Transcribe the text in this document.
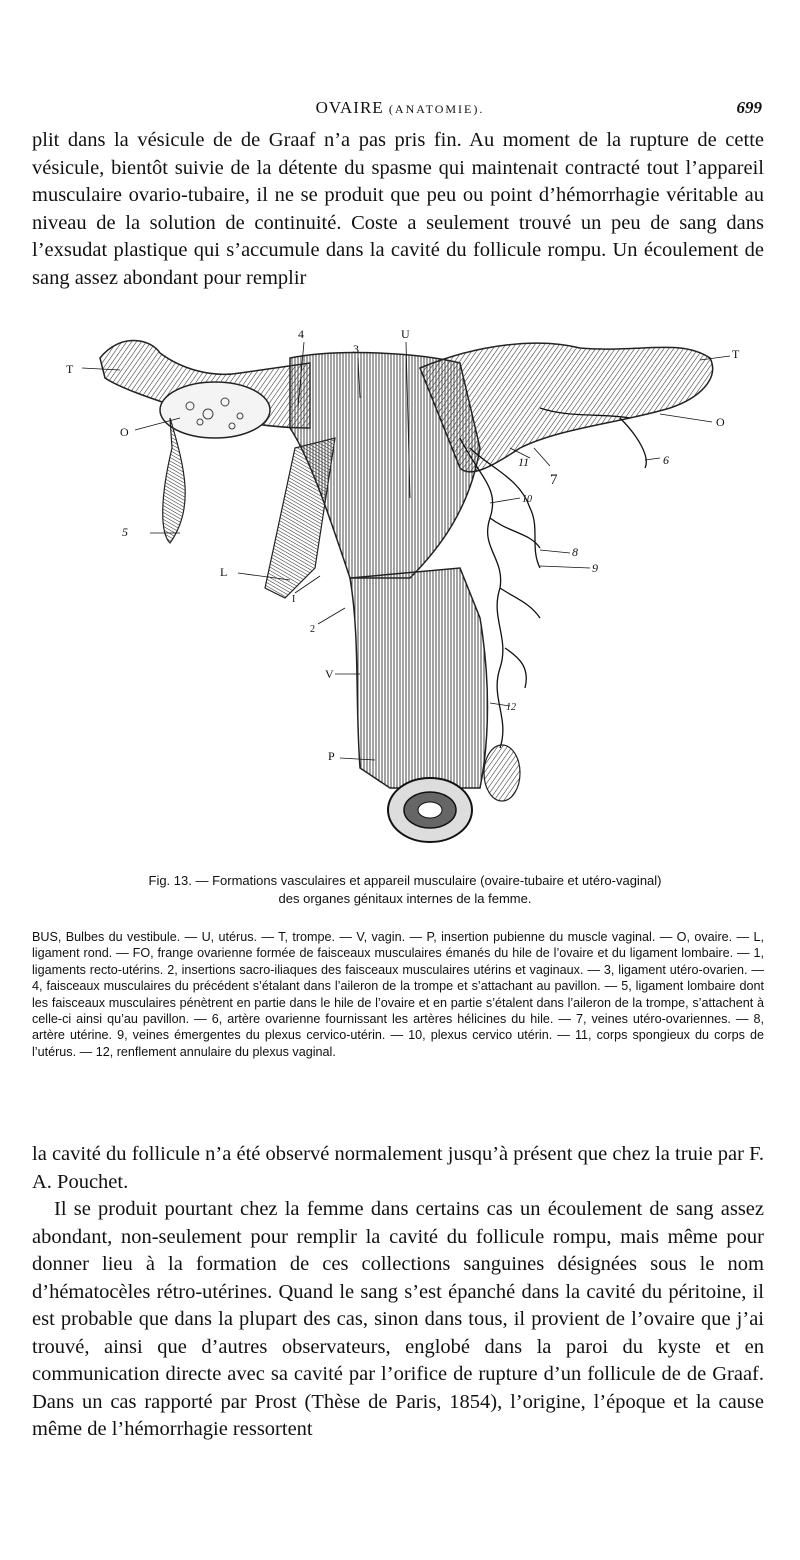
OVAIRE (ANATOMIE).	699
plit dans la vésicule de de Graaf n’a pas pris fin. Au moment de la rupture de cette vésicule, bientôt suivie de la détente du spasme qui maintenait contracté tout l’appareil musculaire ovario-tubaire, il ne se produit que peu ou point d’hémorrhagie véritable au niveau de la solution de continuité. Coste a seulement trouvé un peu de sang dans l’exsudat plastique qui s’accumule dans la cavité du follicule rompu. Un écoulement de sang assez abondant pour remplir
T
T
O
O
4
3
U
11
7
6
10
5
8
9
L
I
2
V
12
P
Fig. 13. — Formations vasculaires et appareil musculaire (ovaire-tubaire et utéro-vaginal)
des organes génitaux internes de la femme.
BUS, Bulbes du vestibule. — U, utérus. — T, trompe. — V, vagin. — P, insertion pubienne du muscle vaginal. — O, ovaire. — L, ligament rond. — FO, frange ovarienne formée de faisceaux musculaires émanés du hile de l’ovaire et du ligament lombaire. — 1, ligaments recto-utérins. 2, insertions sacro-iliaques des faisceaux musculaires utérins et vaginaux. — 3, ligament utéro-ovarien. — 4, faisceaux musculaires du précédent s’étalant dans l’aileron de la trompe et s’attachant au pavillon. — 5, ligament lombaire dont les faisceaux musculaires pénètrent en partie dans le hile de l’ovaire et en partie s’étalent dans l’aileron de la trompe, s’attachent à celle-ci ainsi qu’au pavillon. — 6, artère ovarienne fournissant les artères hélicines du hile. — 7, veines utéro-ovariennes. — 8, artère utérine. 9, veines émergentes du plexus cervico-utérin. — 10, plexus cervico utérin. — 11, corps spongieux du corps de l’utérus. — 12, renflement annulaire du plexus vaginal.

la cavité du follicule n’a été observé normalement jusqu’à présent que chez la truie par F. A. Pouchet.

Il se produit pourtant chez la femme dans certains cas un écoulement de sang assez abondant, non-seulement pour remplir la cavité du follicule rompu, mais même pour donner lieu à la formation de ces collections sanguines désignées sous le nom d’hématocèles rétro-utérines. Quand le sang s’est épanché dans la cavité du péritoine, il est probable que dans la plupart des cas, sinon dans tous, il provient de l’ovaire que j’ai trouvé, ainsi que d’autres observateurs, englobé dans la paroi du kyste et en communication directe avec sa cavité par l’orifice de rupture d’un follicule de de Graaf. Dans un cas rapporté par Prost (Thèse de Paris, 1854), l’origine, l’époque et la cause même de l’hémorrhagie ressortent
